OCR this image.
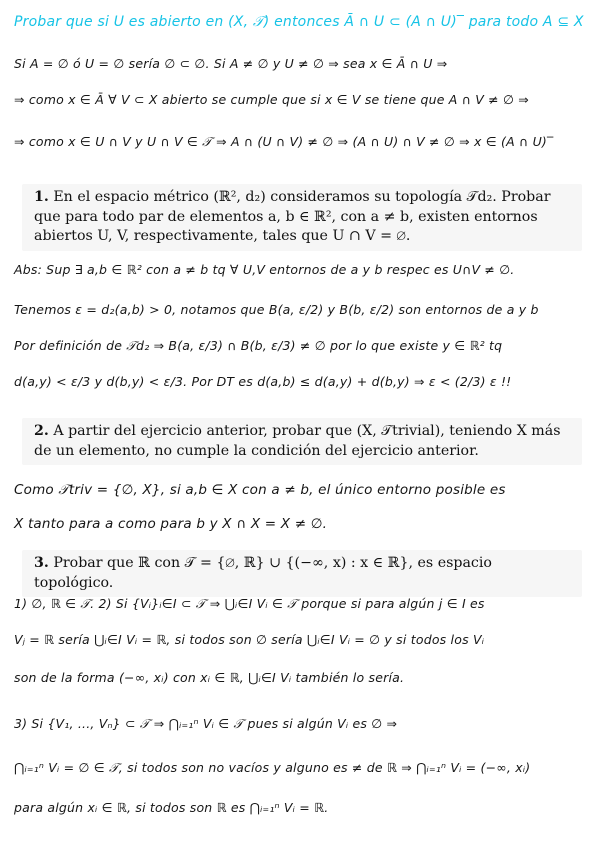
Probar que si U es abierto en (X, 𝒯) entonces Ā ∩ U ⊂ (A ∩ U)‾ para todo A ⊆ X
Si A = ∅ ó U = ∅ sería ∅ ⊂ ∅. Si A ≠ ∅ y U ≠ ∅ ⇒ sea x ∈ Ā ∩ U ⇒
⇒ como x ∈ Ā ∀ V ⊂ X abierto se cumple que si x ∈ V se tiene que A ∩ V ≠ ∅ ⇒
⇒ como x ∈ U ∩ V y U ∩ V ∈ 𝒯 ⇒ A ∩ (U ∩ V) ≠ ∅ ⇒ (A ∩ U) ∩ V ≠ ∅ ⇒ x ∈ (A ∩ U)‾
1. En el espacio métrico (ℝ², d₂) consideramos su topología 𝒯d₂. Probar que para todo par de elementos a, b ∈ ℝ², con a ≠ b, existen entornos abiertos U, V, respectivamente, tales que U ∩ V = ∅.
Abs: Sup ∃ a,b ∈ ℝ² con a ≠ b tq ∀ U,V entornos de a y b respec es U∩V ≠ ∅.
Tenemos ε = d₂(a,b) > 0, notamos que B(a, ε/2) y B(b, ε/2) son entornos de a y b
Por definición de 𝒯d₂ ⇒ B(a, ε/3) ∩ B(b, ε/3) ≠ ∅ por lo que existe y ∈ ℝ² tq
d(a,y) < ε/3 y d(b,y) < ε/3. Por DT es d(a,b) ≤ d(a,y) + d(b,y) ⇒ ε < (2/3) ε !!
2. A partir del ejercicio anterior, probar que (X, 𝒯trivial), teniendo X más de un elemento, no cumple la condición del ejercicio anterior.
Como 𝒯triv = {∅, X}, si a,b ∈ X con a ≠ b, el único entorno posible es
X tanto para a como para b y X ∩ X = X ≠ ∅.
3. Probar que ℝ con 𝒯 = {∅, ℝ} ∪ {(−∞, x) : x ∈ ℝ}, es espacio topológico.
1) ∅, ℝ ∈ 𝒯. 2) Si {Vᵢ}ᵢ∈I ⊂ 𝒯 ⇒ ⋃ᵢ∈I Vᵢ ∈ 𝒯 porque si para algún j ∈ I es
Vⱼ = ℝ sería ⋃ᵢ∈I Vᵢ = ℝ, si todos son ∅ sería ⋃ᵢ∈I Vᵢ = ∅ y si todos los Vᵢ
son de la forma (−∞, xᵢ) con xᵢ ∈ ℝ, ⋃ᵢ∈I Vᵢ también lo sería.
3) Si {V₁, ..., Vₙ} ⊂ 𝒯 ⇒ ⋂ᵢ₌₁ⁿ Vᵢ ∈ 𝒯 pues si algún Vᵢ es ∅ ⇒
⋂ᵢ₌₁ⁿ Vᵢ = ∅ ∈ 𝒯, si todos son no vacíos y alguno es ≠ de ℝ ⇒ ⋂ᵢ₌₁ⁿ Vᵢ = (−∞, xᵢ)
para algún xᵢ ∈ ℝ, si todos son ℝ es ⋂ᵢ₌₁ⁿ Vᵢ = ℝ.
